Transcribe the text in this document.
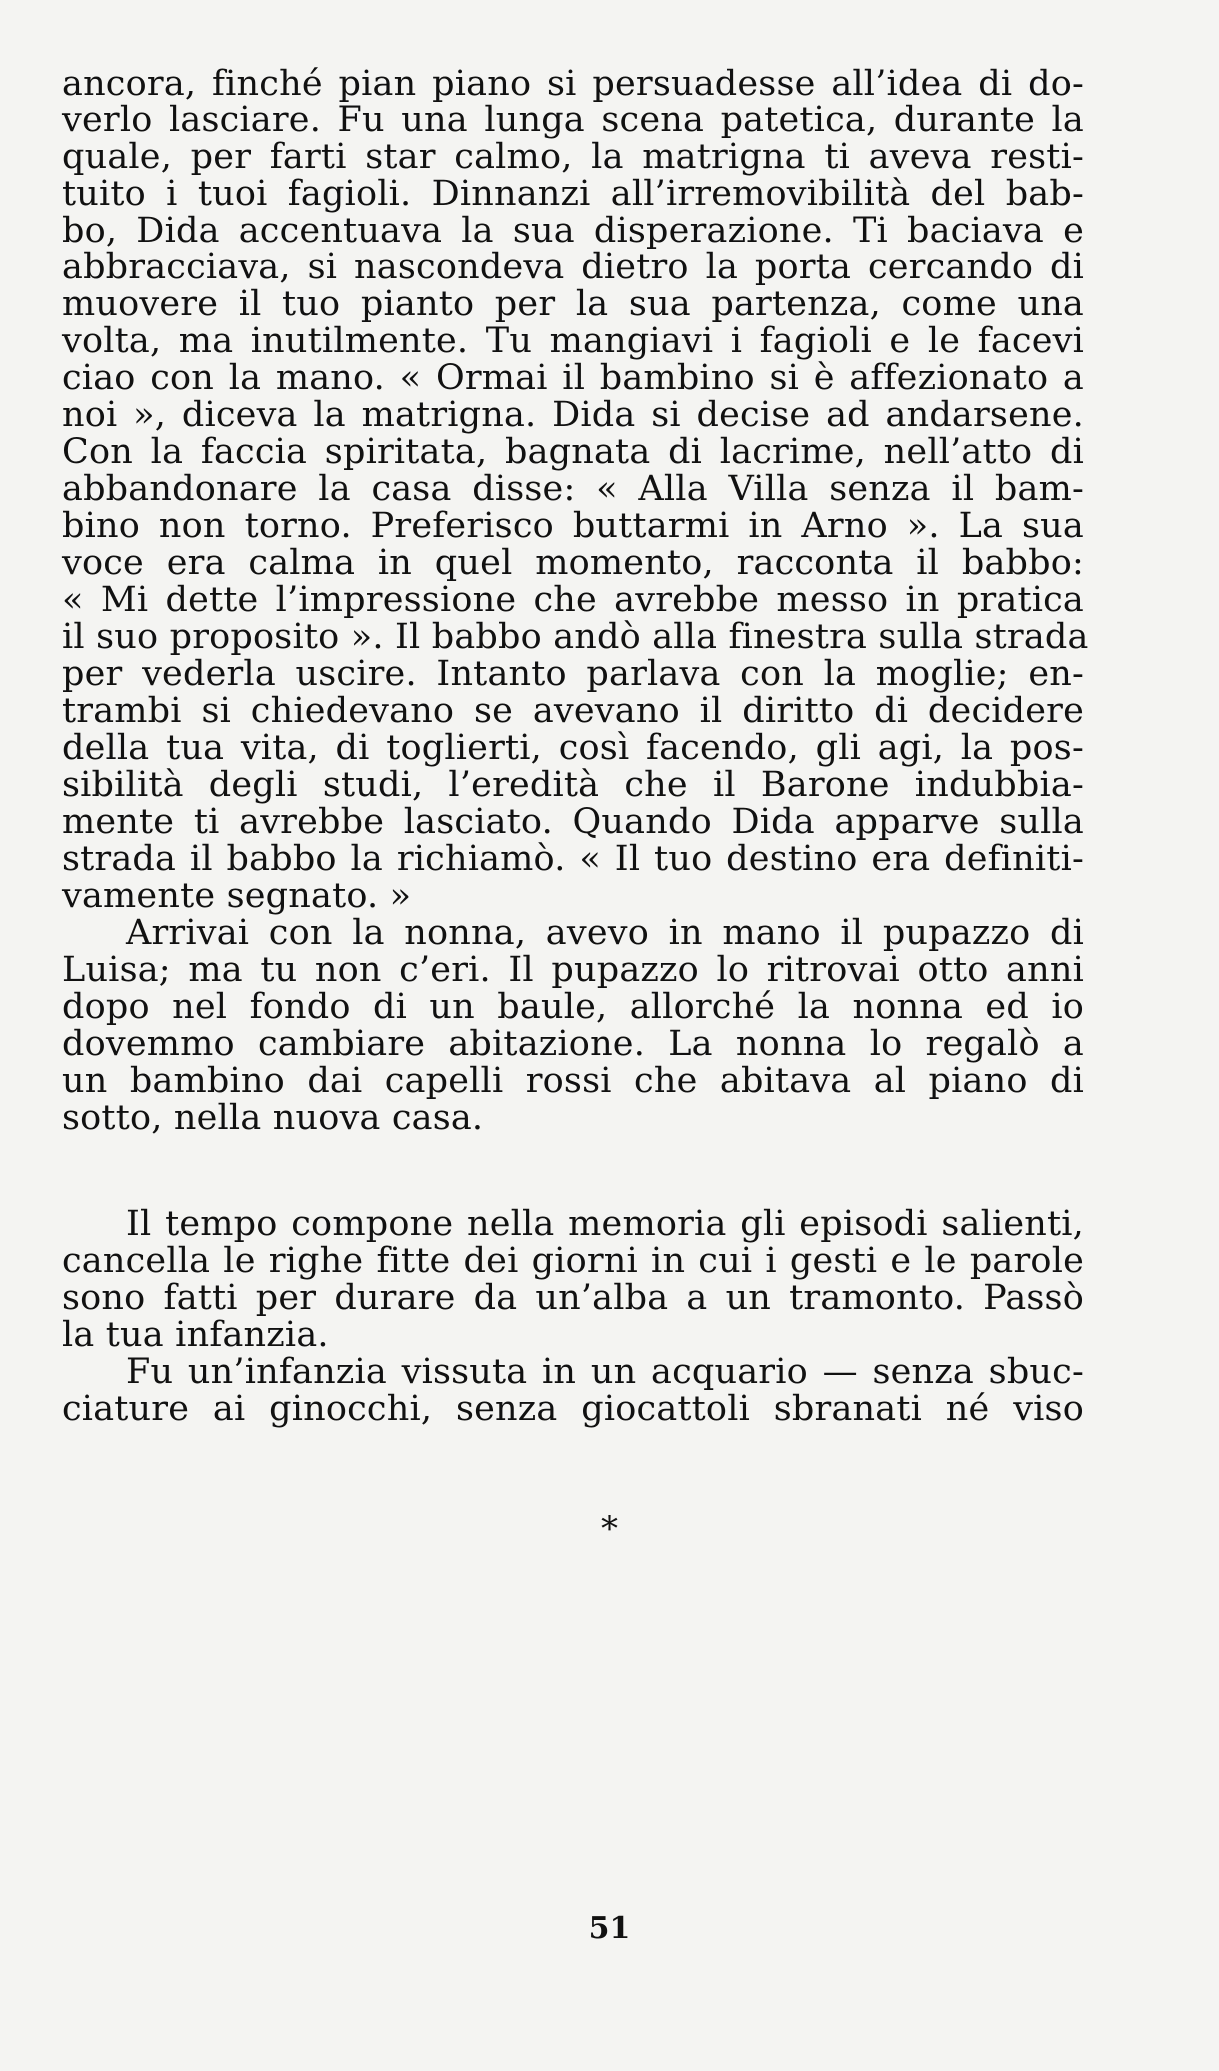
ancora, finché pian piano si persuadesse all’idea di do-
verlo lasciare. Fu una lunga scena patetica, durante la
quale, per farti star calmo, la matrigna ti aveva resti-
tuito i tuoi fagioli. Dinnanzi all’irremovibilità del bab-
bo, Dida accentuava la sua disperazione. Ti baciava e
abbracciava, si nascondeva dietro la porta cercando di
muovere il tuo pianto per la sua partenza, come una
volta, ma inutilmente. Tu mangiavi i fagioli e le facevi
ciao con la mano. « Ormai il bambino si è affezionato a
noi », diceva la matrigna. Dida si decise ad andarsene.
Con la faccia spiritata, bagnata di lacrime, nell’atto di
abbandonare la casa disse: « Alla Villa senza il bam-
bino non torno. Preferisco buttarmi in Arno ». La sua
voce era calma in quel momento, racconta il babbo:
« Mi dette l’impressione che avrebbe messo in pratica
il suo proposito ». Il babbo andò alla finestra sulla strada
per vederla uscire. Intanto parlava con la moglie; en-
trambi si chiedevano se avevano il diritto di decidere
della tua vita, di toglierti, così facendo, gli agi, la pos-
sibilità degli studi, l’eredità che il Barone indubbia-
mente ti avrebbe lasciato. Quando Dida apparve sulla
strada il babbo la richiamò. « Il tuo destino era definiti-
vamente segnato. »
Arrivai con la nonna, avevo in mano il pupazzo di
Luisa; ma tu non c’eri. Il pupazzo lo ritrovai otto anni
dopo nel fondo di un baule, allorché la nonna ed io
dovemmo cambiare abitazione. La nonna lo regalò a
un bambino dai capelli rossi che abitava al piano di
sotto, nella nuova casa.
*
Il tempo compone nella memoria gli episodi salienti,
cancella le righe fitte dei giorni in cui i gesti e le parole
sono fatti per durare da un’alba a un tramonto. Passò
la tua infanzia.
Fu un’infanzia vissuta in un acquario — senza sbuc-
ciature ai ginocchi, senza giocattoli sbranati né viso
51
